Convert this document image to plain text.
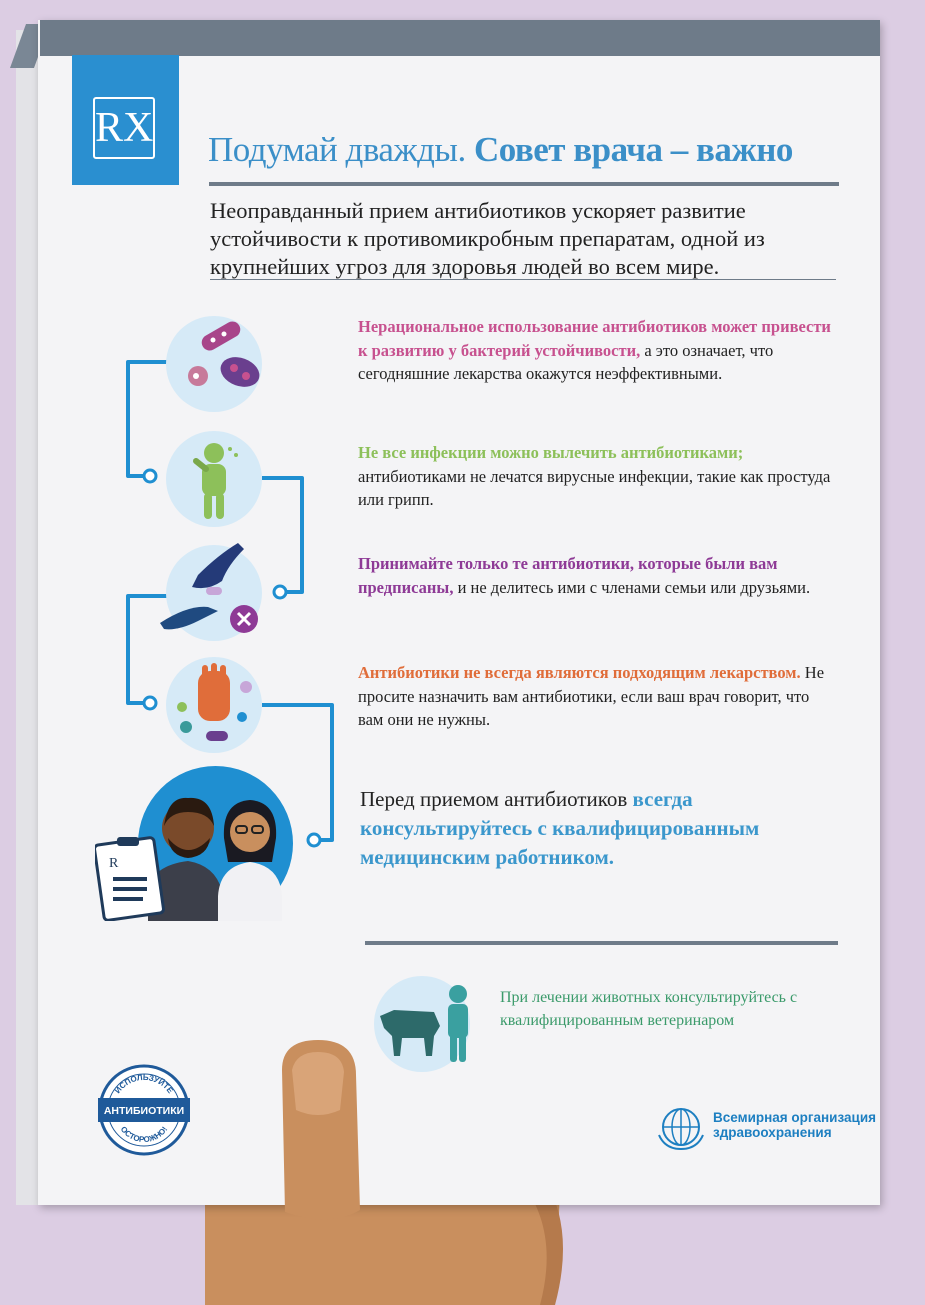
RX Подумай дважды. Совет врача – важно
Неоправданный прием антибиотиков ускоряет развитие устойчивости к противомикробным препаратам, одной из крупнейших угроз для здоровья людей во всем мире.
R
Нерациональное использование антибиотиков может привести к развитию у бактерий устойчивости, а это означает, что сегодняшние лекарства окажутся неэффективными.
Не все инфекции можно вылечить антибиотиками; антибиотиками не лечатся вирусные инфекции, такие как простуда или грипп.
Принимайте только те антибиотики, которые были вам предписаны, и не делитесь ими с членами семьи или друзьями.
Антибиотики не всегда являются подходящим лекарством. Не просите назначить вам антибиотики, если ваш врач говорит, что вам они не нужны.
Перед приемом антибиотиков всегда консультируйтесь с квалифицированным медицинским работником.
При лечении животных консультируйтесь с квалифицированным ветеринаром
ИСПОЛЬЗУЙТЕ
ОСТОРОЖНО!
АНТИБИОТИКИ	Всемирная организация
здравоохранения
